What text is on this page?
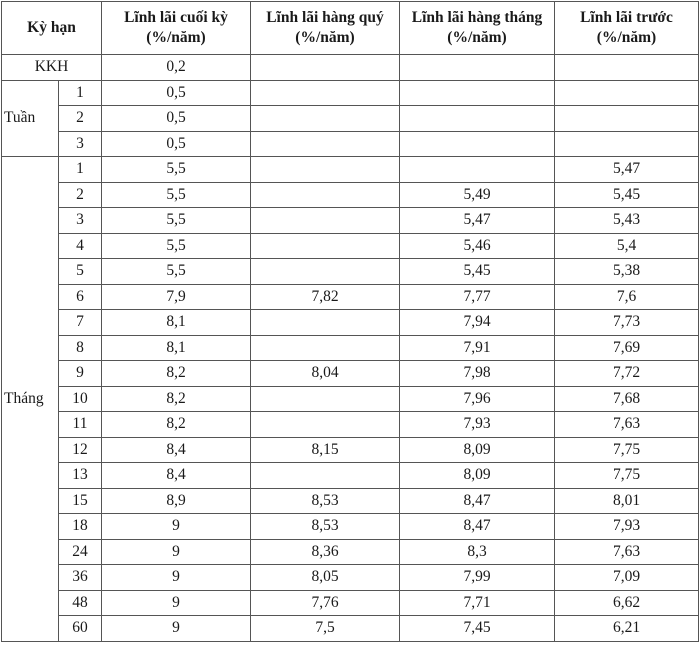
Kỳ hạn		Lĩnh lãi cuối kỳ (%/năm)	Lĩnh lãi hàng quý (%/năm)	Lĩnh lãi hàng tháng (%/năm)	Lĩnh lãi trước (%/năm)
KKH		0,2			
Tuần	1	0,5			
	2	0,5			
	3	0,5			
Tháng	1	5,5			5,47
	2	5,5		5,49	5,45
	3	5,5		5,47	5,43
	4	5,5		5,46	5,4
	5	5,5		5,45	5,38
	6	7,9	7,82	7,77	7,6
	7	8,1		7,94	7,73
	8	8,1		7,91	7,69
	9	8,2	8,04	7,98	7,72
	10	8,2		7,96	7,68
	11	8,2		7,93	7,63
	12	8,4	8,15	8,09	7,75
	13	8,4		8,09	7,75
	15	8,9	8,53	8,47	8,01
	18	9	8,53	8,47	7,93
	24	9	8,36	8,3	7,63
	36	9	8,05	7,99	7,09
	48	9	7,76	7,71	6,62
	60	9	7,5	7,45	6,21
